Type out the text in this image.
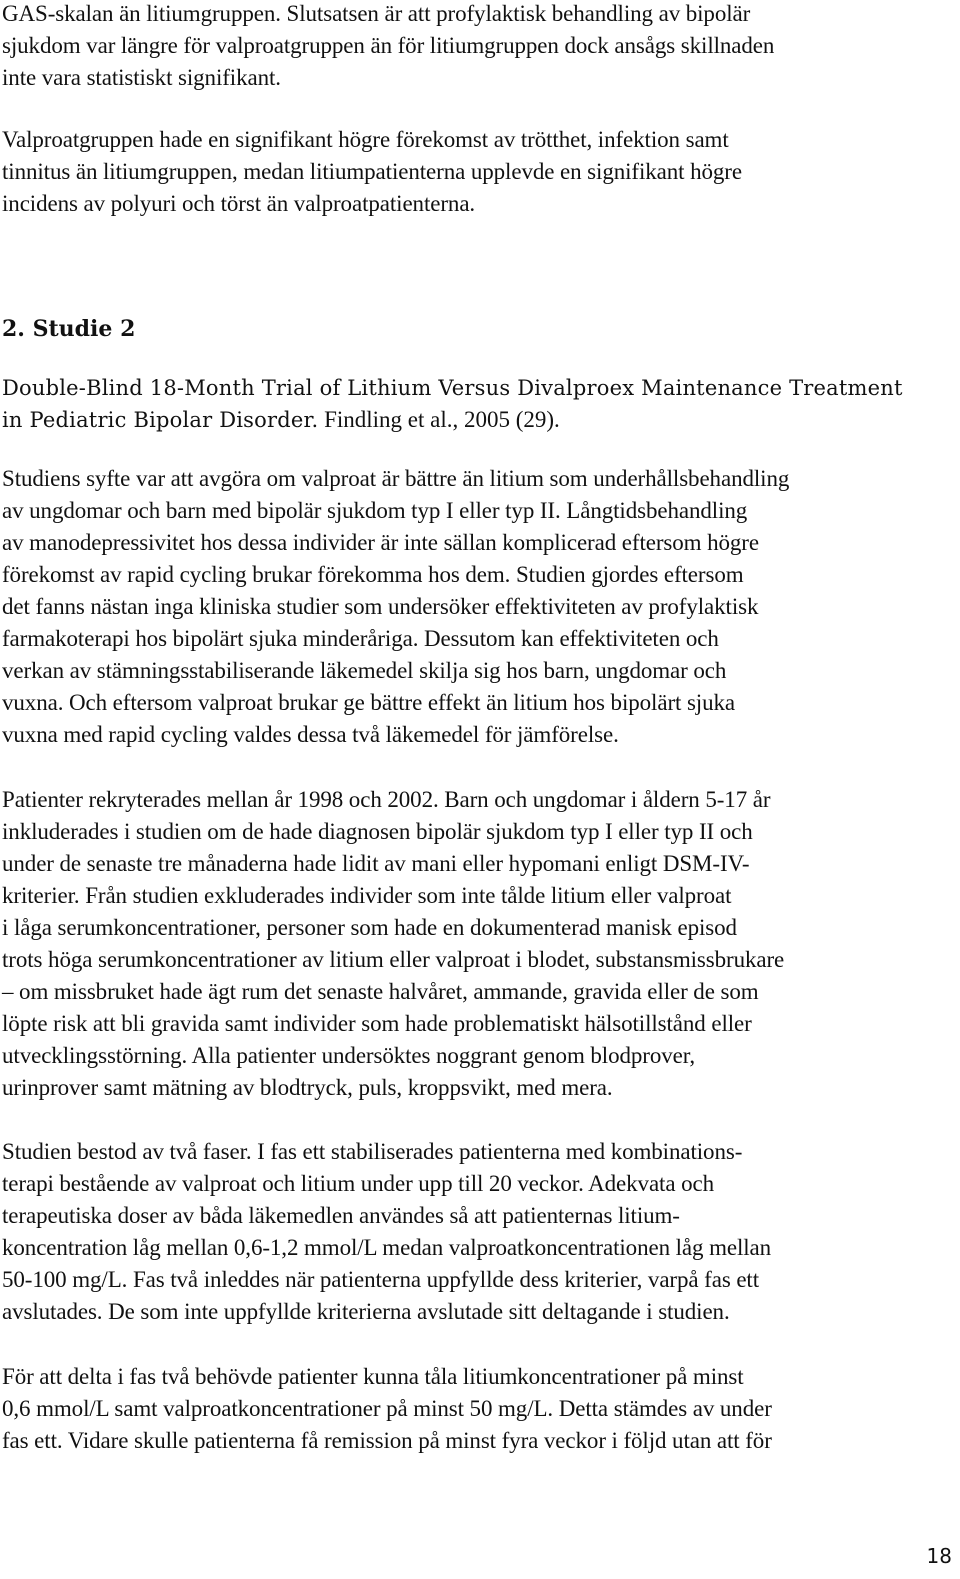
GAS-skalan än litiumgruppen. Slutsatsen är att profylaktisk behandling av bipolär
sjukdom var längre för valproatgruppen än för litiumgruppen dock ansågs skillnaden
inte vara statistiskt signifikant.

Valproatgruppen hade en signifikant högre förekomst av trötthet, infektion samt
tinnitus än litiumgruppen, medan litiumpatienterna upplevde en signifikant högre
incidens av polyuri och törst än valproatpatienterna.

2. Studie 2

Double-Blind 18-Month Trial of Lithium Versus Divalproex Maintenance Treatment
in Pediatric Bipolar Disorder. Findling et al., 2005 (29).

Studiens syfte var att avgöra om valproat är bättre än litium som underhållsbehandling
av ungdomar och barn med bipolär sjukdom typ I eller typ II. Långtidsbehandling
av manodepressivitet hos dessa individer är inte sällan komplicerad eftersom högre
förekomst av rapid cycling brukar förekomma hos dem. Studien gjordes eftersom
det fanns nästan inga kliniska studier som undersöker effektiviteten av profylaktisk
farmakoterapi hos bipolärt sjuka minderåriga. Dessutom kan effektiviteten och
verkan av stämningsstabiliserande läkemedel skilja sig hos barn, ungdomar och
vuxna. Och eftersom valproat brukar ge bättre effekt än litium hos bipolärt sjuka
vuxna med rapid cycling valdes dessa två läkemedel för jämförelse.

Patienter rekryterades mellan år 1998 och 2002. Barn och ungdomar i åldern 5-17 år
inkluderades i studien om de hade diagnosen bipolär sjukdom typ I eller typ II och
under de senaste tre månaderna hade lidit av mani eller hypomani enligt DSM-IV-
kriterier. Från studien exkluderades individer som inte tålde litium eller valproat
i låga serumkoncentrationer, personer som hade en dokumenterad manisk episod
trots höga serumkoncentrationer av litium eller valproat i blodet, substansmissbrukare
– om missbruket hade ägt rum det senaste halvåret, ammande, gravida eller de som
löpte risk att bli gravida samt individer som hade problematiskt hälsotillstånd eller
utvecklingsstörning. Alla patienter undersöktes noggrant genom blodprover,
urinprover samt mätning av blodtryck, puls, kroppsvikt, med mera.

Studien bestod av två faser. I fas ett stabiliserades patienterna med kombinations-
terapi bestående av valproat och litium under upp till 20 veckor. Adekvata och
terapeutiska doser av båda läkemedlen användes så att patienternas litium-
koncentration låg mellan 0,6-1,2 mmol/L medan valproatkoncentrationen låg mellan
50-100 mg/L. Fas två inleddes när patienterna uppfyllde dess kriterier, varpå fas ett
avslutades. De som inte uppfyllde kriterierna avslutade sitt deltagande i studien.

För att delta i fas två behövde patienter kunna tåla litiumkoncentrationer på minst
0,6 mmol/L samt valproatkoncentrationer på minst 50 mg/L. Detta stämdes av under
fas ett. Vidare skulle patienterna få remission på minst fyra veckor i följd utan att för

18
